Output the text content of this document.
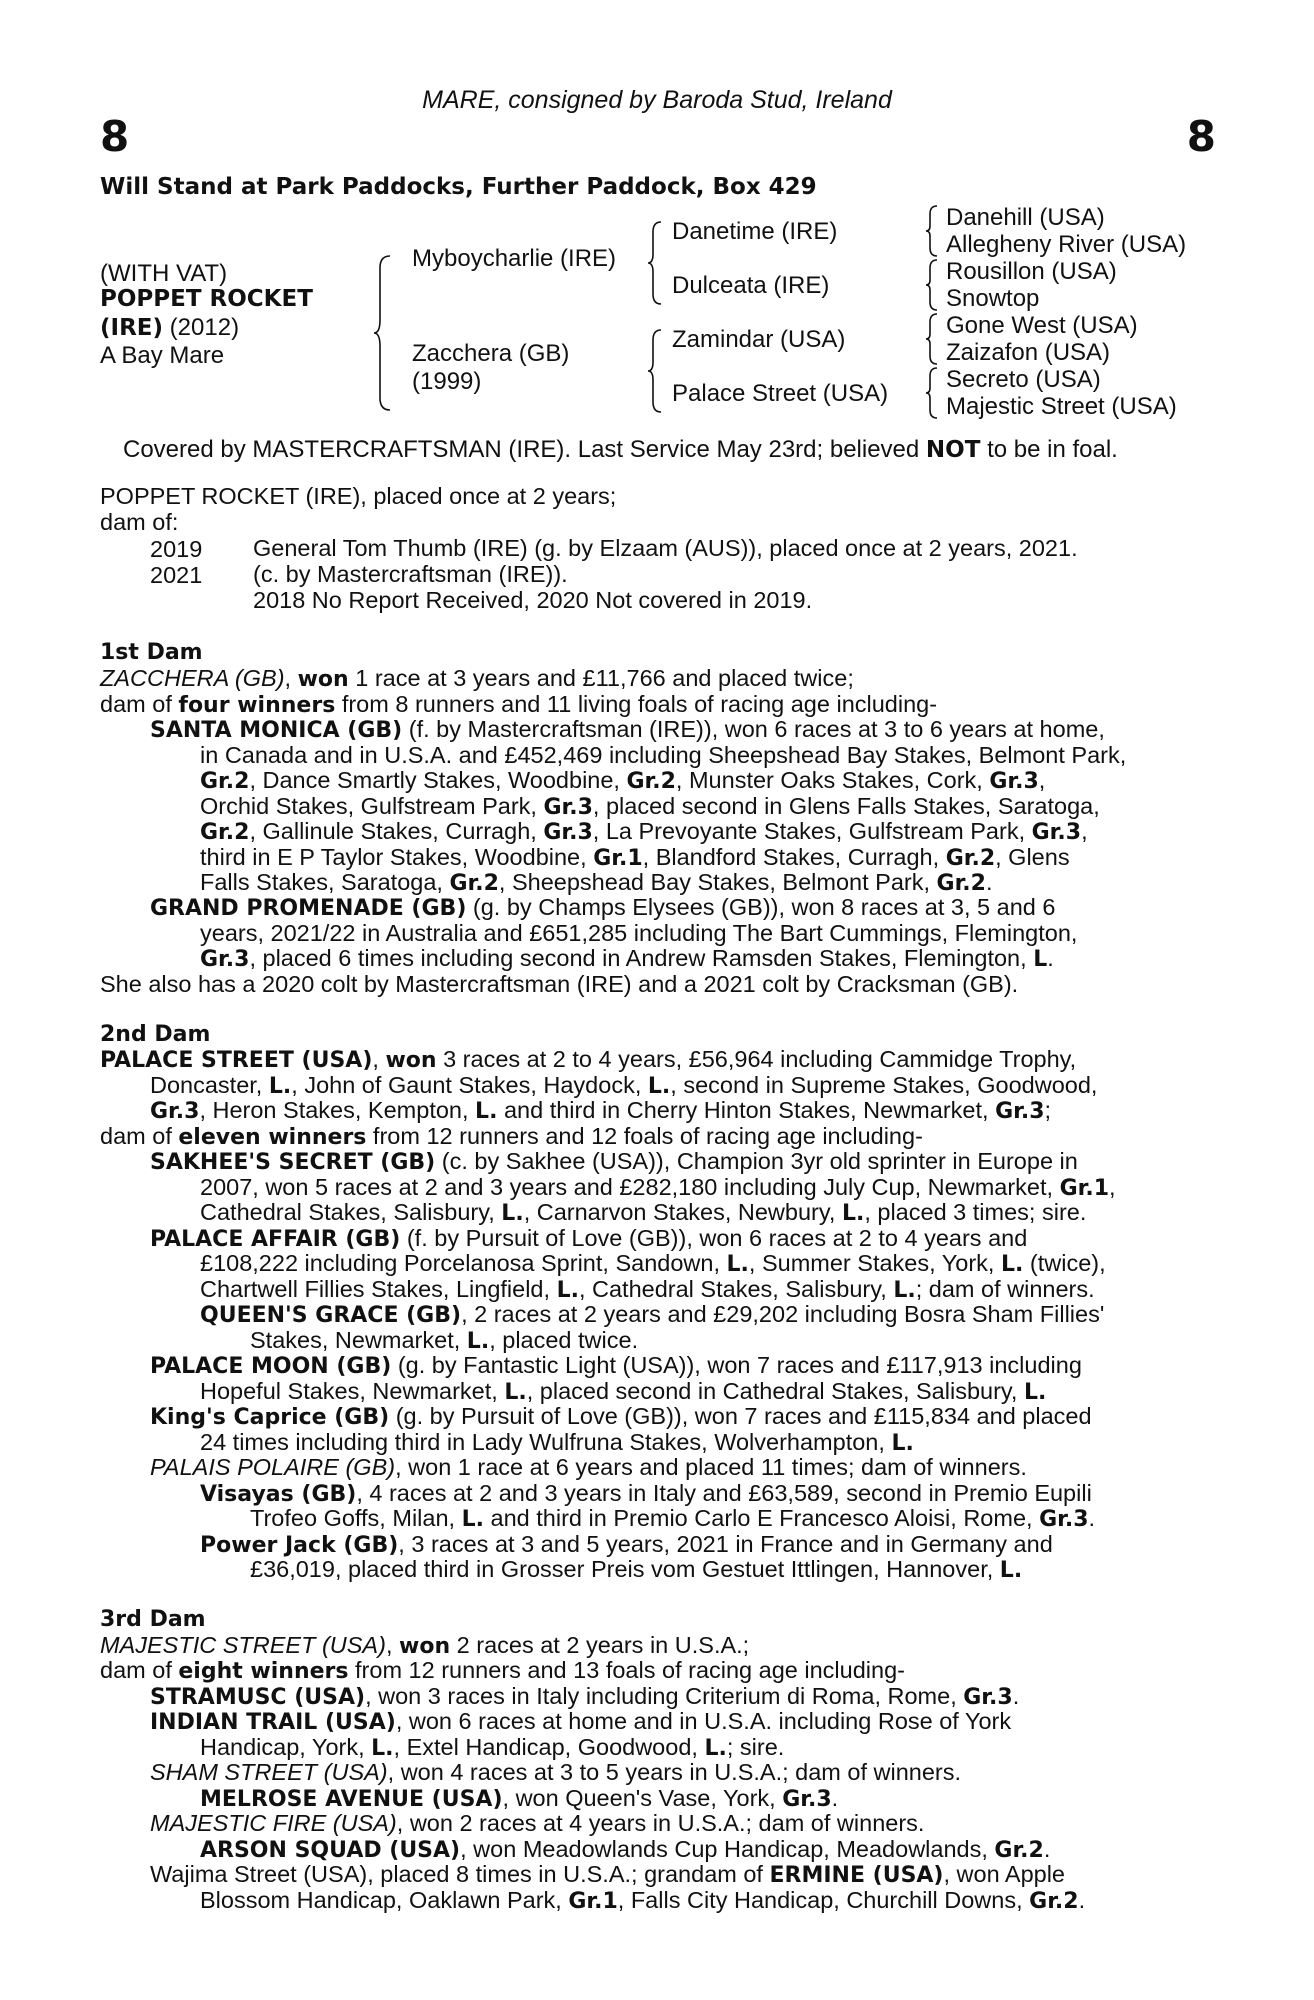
MARE, consigned by Baroda Stud, Ireland
8	8
Will Stand at Park Paddocks, Further Paddock, Box 429
(WITH VAT)
POPPET ROCKET
(IRE) (2012)
A Bay Mare
Myboycharlie (IRE)
Zacchera (GB)
(1999)
Danetime (IRE)
Dulceata (IRE)
Zamindar (USA)
Palace Street (USA)
Danehill (USA)
Allegheny River (USA)
Rousillon (USA)
Snowtop
Gone West (USA)
Zaizafon (USA)
Secreto (USA)
Majestic Street (USA)
Covered by MASTERCRAFTSMAN (IRE). Last Service May 23rd; believed NOT to be in foal.
POPPET ROCKET (IRE), placed once at 2 years;
dam of:
2019 General Tom Thumb (IRE) (g. by Elzaam (AUS)), placed once at 2 years, 2021.
2021 (c. by Mastercraftsman (IRE)).
2018 No Report Received, 2020 Not covered in 2019.
1st Dam
ZACCHERA (GB), won 1 race at 3 years and £11,766 and placed twice;
dam of four winners from 8 runners and 11 living foals of racing age including-
SANTA MONICA (GB) (f. by Mastercraftsman (IRE)), won 6 races at 3 to 6 years at home,
in Canada and in U.S.A. and £452,469 including Sheepshead Bay Stakes, Belmont Park,
Gr.2, Dance Smartly Stakes, Woodbine, Gr.2, Munster Oaks Stakes, Cork, Gr.3,
Orchid Stakes, Gulfstream Park, Gr.3, placed second in Glens Falls Stakes, Saratoga,
Gr.2, Gallinule Stakes, Curragh, Gr.3, La Prevoyante Stakes, Gulfstream Park, Gr.3,
third in E P Taylor Stakes, Woodbine, Gr.1, Blandford Stakes, Curragh, Gr.2, Glens
Falls Stakes, Saratoga, Gr.2, Sheepshead Bay Stakes, Belmont Park, Gr.2.
GRAND PROMENADE (GB) (g. by Champs Elysees (GB)), won 8 races at 3, 5 and 6
years, 2021/22 in Australia and £651,285 including The Bart Cummings, Flemington,
Gr.3, placed 6 times including second in Andrew Ramsden Stakes, Flemington, L.
She also has a 2020 colt by Mastercraftsman (IRE) and a 2021 colt by Cracksman (GB).
2nd Dam
PALACE STREET (USA), won 3 races at 2 to 4 years, £56,964 including Cammidge Trophy,
Doncaster, L., John of Gaunt Stakes, Haydock, L., second in Supreme Stakes, Goodwood,
Gr.3, Heron Stakes, Kempton, L. and third in Cherry Hinton Stakes, Newmarket, Gr.3;
dam of eleven winners from 12 runners and 12 foals of racing age including-
SAKHEE'S SECRET (GB) (c. by Sakhee (USA)), Champion 3yr old sprinter in Europe in
2007, won 5 races at 2 and 3 years and £282,180 including July Cup, Newmarket, Gr.1,
Cathedral Stakes, Salisbury, L., Carnarvon Stakes, Newbury, L., placed 3 times; sire.
PALACE AFFAIR (GB) (f. by Pursuit of Love (GB)), won 6 races at 2 to 4 years and
£108,222 including Porcelanosa Sprint, Sandown, L., Summer Stakes, York, L. (twice),
Chartwell Fillies Stakes, Lingfield, L., Cathedral Stakes, Salisbury, L.; dam of winners.
QUEEN'S GRACE (GB), 2 races at 2 years and £29,202 including Bosra Sham Fillies'
Stakes, Newmarket, L., placed twice.
PALACE MOON (GB) (g. by Fantastic Light (USA)), won 7 races and £117,913 including
Hopeful Stakes, Newmarket, L., placed second in Cathedral Stakes, Salisbury, L.
King's Caprice (GB) (g. by Pursuit of Love (GB)), won 7 races and £115,834 and placed
24 times including third in Lady Wulfruna Stakes, Wolverhampton, L.
PALAIS POLAIRE (GB), won 1 race at 6 years and placed 11 times; dam of winners.
Visayas (GB), 4 races at 2 and 3 years in Italy and £63,589, second in Premio Eupili
Trofeo Goffs, Milan, L. and third in Premio Carlo E Francesco Aloisi, Rome, Gr.3.
Power Jack (GB), 3 races at 3 and 5 years, 2021 in France and in Germany and
£36,019, placed third in Grosser Preis vom Gestuet Ittlingen, Hannover, L.
3rd Dam
MAJESTIC STREET (USA), won 2 races at 2 years in U.S.A.;
dam of eight winners from 12 runners and 13 foals of racing age including-
STRAMUSC (USA), won 3 races in Italy including Criterium di Roma, Rome, Gr.3.
INDIAN TRAIL (USA), won 6 races at home and in U.S.A. including Rose of York
Handicap, York, L., Extel Handicap, Goodwood, L.; sire.
SHAM STREET (USA), won 4 races at 3 to 5 years in U.S.A.; dam of winners.
MELROSE AVENUE (USA), won Queen's Vase, York, Gr.3.
MAJESTIC FIRE (USA), won 2 races at 4 years in U.S.A.; dam of winners.
ARSON SQUAD (USA), won Meadowlands Cup Handicap, Meadowlands, Gr.2.
Wajima Street (USA), placed 8 times in U.S.A.; grandam of ERMINE (USA), won Apple
Blossom Handicap, Oaklawn Park, Gr.1, Falls City Handicap, Churchill Downs, Gr.2.
